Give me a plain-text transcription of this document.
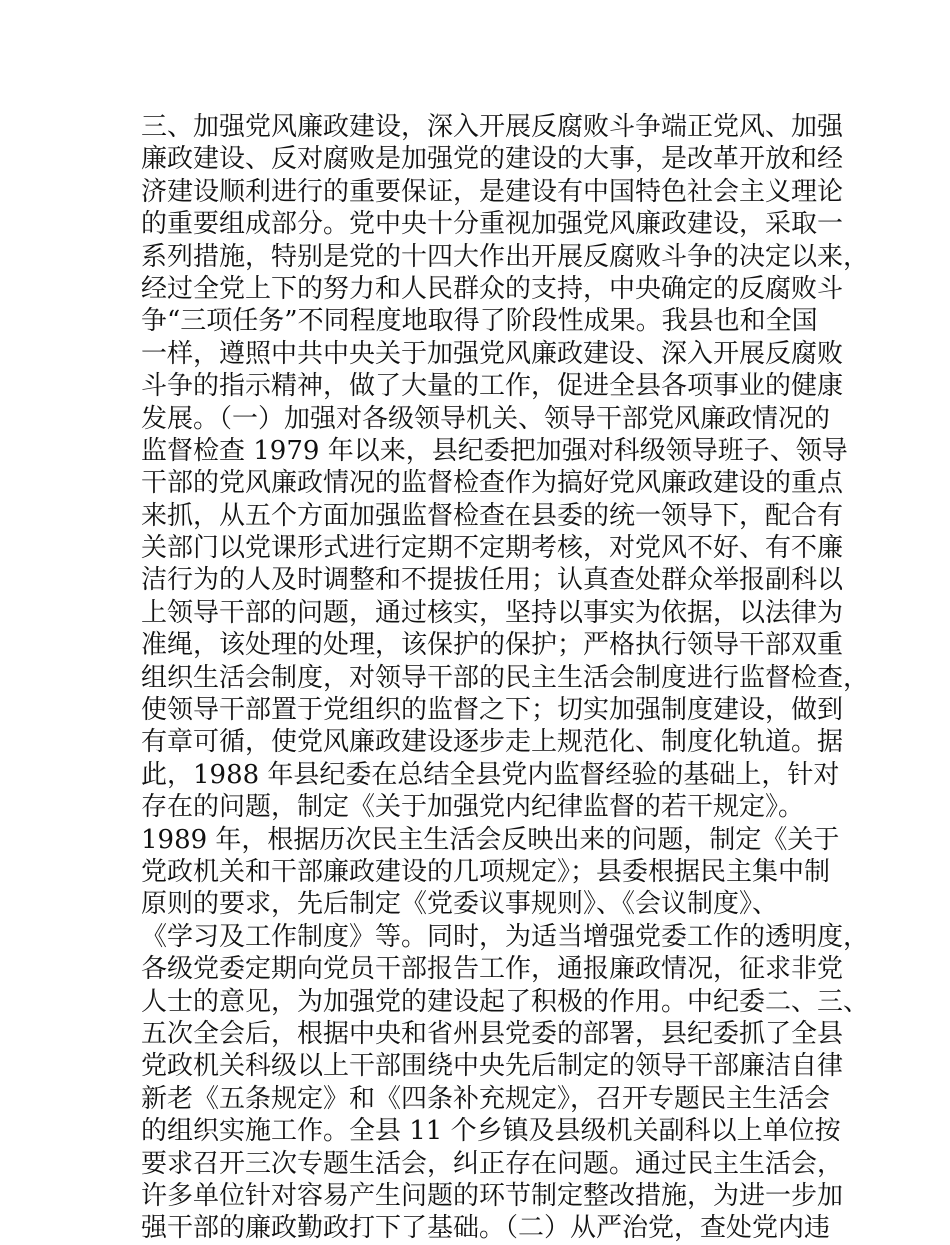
三、加强党风廉政建设，深入开展反腐败斗争端正党风、加强
廉政建设、反对腐败是加强党的建设的大事，是改革开放和经
济建设顺利进行的重要保证，是建设有中国特色社会主义理论
的重要组成部分。党中央十分重视加强党风廉政建设，采取一
系列措施，特别是党的十四大作出开展反腐败斗争的决定以来，
经过全党上下的努力和人民群众的支持，中央确定的反腐败斗
争“三项任务”不同程度地取得了阶段性成果。我县也和全国
一样，遵照中共中央关于加强党风廉政建设、深入开展反腐败
斗争的指示精神，做了大量的工作，促进全县各项事业的健康
发展。（一）加强对各级领导机关、领导干部党风廉政情况的
监督检查 1979 年以来，县纪委把加强对科级领导班子、领导
干部的党风廉政情况的监督检查作为搞好党风廉政建设的重点
来抓，从五个方面加强监督检查在县委的统一领导下，配合有
关部门以党课形式进行定期不定期考核，对党风不好、有不廉
洁行为的人及时调整和不提拔任用；认真查处群众举报副科以
上领导干部的问题，通过核实，坚持以事实为依据，以法律为
准绳，该处理的处理，该保护的保护；严格执行领导干部双重
组织生活会制度，对领导干部的民主生活会制度进行监督检查，
使领导干部置于党组织的监督之下；切实加强制度建设，做到
有章可循，使党风廉政建设逐步走上规范化、制度化轨道。据
此，1988 年县纪委在总结全县党内监督经验的基础上，针对
存在的问题，制定《关于加强党内纪律监督的若干规定》。
1989 年，根据历次民主生活会反映出来的问题，制定《关于
党政机关和干部廉政建设的几项规定》；县委根据民主集中制
原则的要求，先后制定《党委议事规则》、《会议制度》、
《学习及工作制度》等。同时，为适当增强党委工作的透明度，
各级党委定期向党员干部报告工作，通报廉政情况，征求非党
人士的意见，为加强党的建设起了积极的作用。中纪委二、三、
五次全会后，根据中央和省州县党委的部署，县纪委抓了全县
党政机关科级以上干部围绕中央先后制定的领导干部廉洁自律
新老《五条规定》和《四条补充规定》，召开专题民主生活会
的组织实施工作。全县 11 个乡镇及县级机关副科以上单位按
要求召开三次专题生活会，纠正存在问题。通过民主生活会，
许多单位针对容易产生问题的环节制定整改措施，为进一步加
强干部的廉政勤政打下了基础。（二）从严治党，查处党内违
